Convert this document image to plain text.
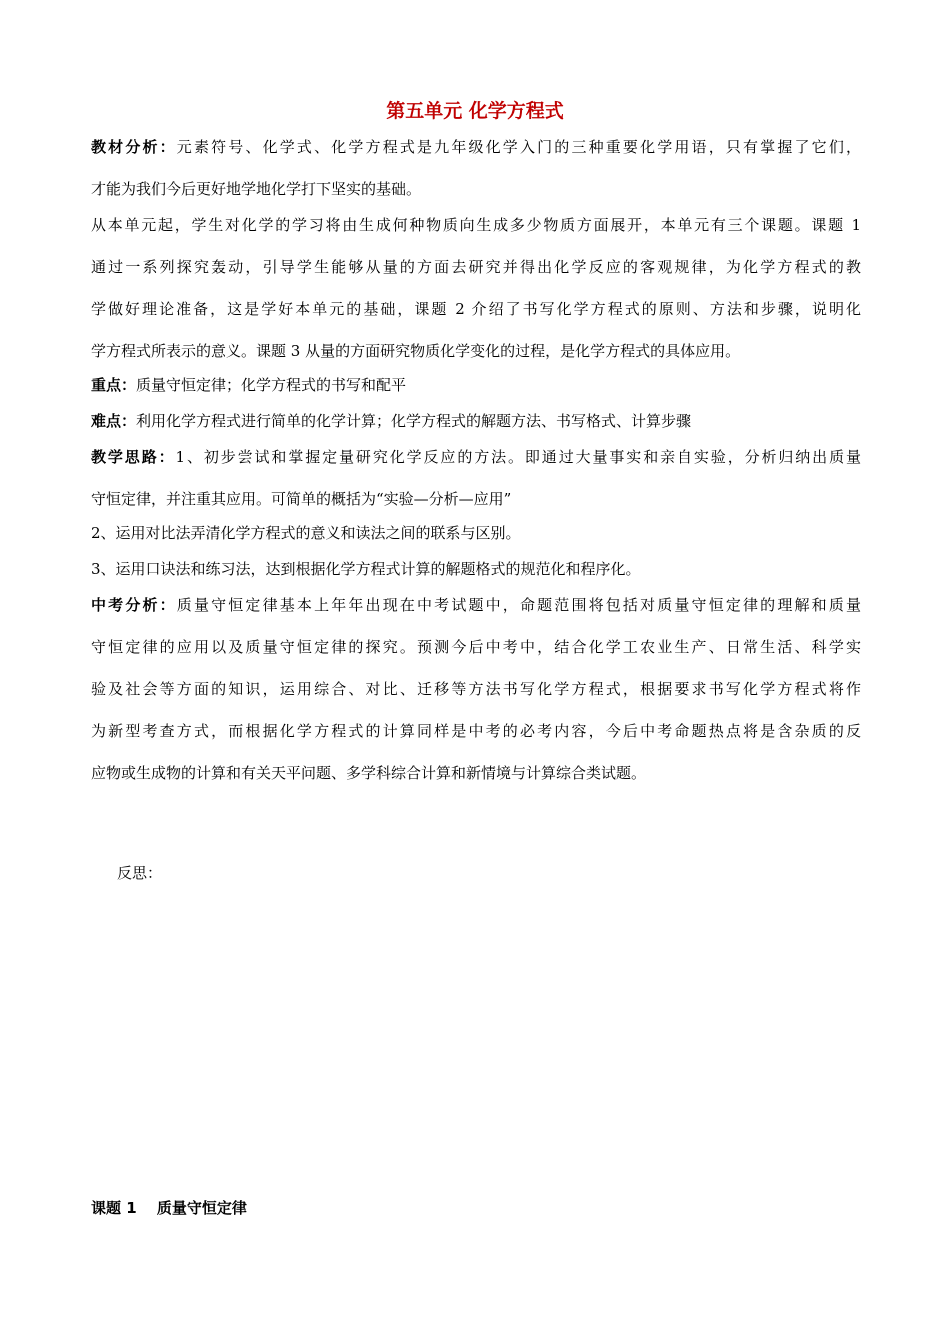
第五单元 化学方程式
教材分析：元素符号、化学式、化学方程式是九年级化学入门的三种重要化学用语，只有掌握了它们，
才能为我们今后更好地学地化学打下坚实的基础。
从本单元起，学生对化学的学习将由生成何种物质向生成多少物质方面展开，本单元有三个课题。课题 1
通过一系列探究轰动，引导学生能够从量的方面去研究并得出化学反应的客观规律，为化学方程式的教
学做好理论准备，这是学好本单元的基础，课题 2 介绍了书写化学方程式的原则、方法和步骤，说明化
学方程式所表示的意义。课题 3 从量的方面研究物质化学变化的过程，是化学方程式的具体应用。
重点：质量守恒定律；化学方程式的书写和配平
难点：利用化学方程式进行简单的化学计算；化学方程式的解题方法、书写格式、计算步骤
教学思路：1、初步尝试和掌握定量研究化学反应的方法。即通过大量事实和亲自实验，分析归纳出质量
守恒定律，并注重其应用。可简单的概括为“实验—分析—应用”
2、运用对比法弄清化学方程式的意义和读法之间的联系与区别。
3、运用口诀法和练习法，达到根据化学方程式计算的解题格式的规范化和程序化。
中考分析：质量守恒定律基本上年年出现在中考试题中，命题范围将包括对质量守恒定律的理解和质量
守恒定律的应用以及质量守恒定律的探究。预测今后中考中，结合化学工农业生产、日常生活、科学实
验及社会等方面的知识，运用综合、对比、迁移等方法书写化学方程式，根据要求书写化学方程式将作
为新型考查方式，而根据化学方程式的计算同样是中考的必考内容，今后中考命题热点将是含杂质的反
应物或生成物的计算和有关天平问题、多学科综合计算和新情境与计算综合类试题。
反思：
课题 1　 质量守恒定律
